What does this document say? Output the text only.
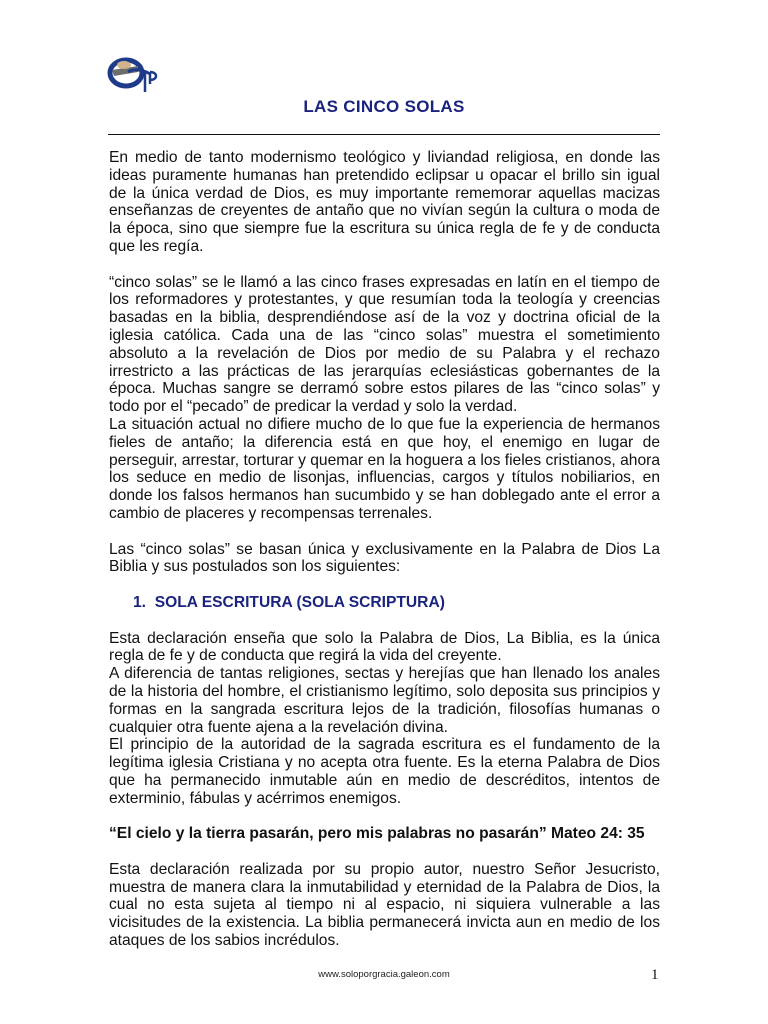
LAS CINCO SOLAS

En medio de tanto modernismo teológico y liviandad religiosa, en donde las ideas puramente humanas han pretendido eclipsar u opacar el brillo sin igual de la única verdad de Dios, es muy importante rememorar aquellas macizas enseñanzas de creyentes de antaño que no vivían según la cultura o moda de la época, sino que siempre fue la escritura su única regla de fe y de conducta que les regía.

“cinco solas” se le llamó a las cinco frases expresadas en latín en el tiempo de los reformadores y protestantes, y que resumían toda la teología y creencias basadas en la biblia, desprendiéndose así de la voz y doctrina oficial de la iglesia católica. Cada una de las “cinco solas” muestra el sometimiento absoluto a la revelación de Dios por medio de su Palabra y el rechazo irrestricto a las prácticas de las jerarquías eclesiásticas gobernantes de la época. Muchas sangre se derramó sobre estos pilares de las “cinco solas” y todo por el “pecado” de predicar la verdad y solo la verdad.

La situación actual no difiere mucho de lo que fue la experiencia de hermanos fieles de antaño; la diferencia está en que hoy, el enemigo en lugar de perseguir, arrestar, torturar y quemar en la hoguera a los fieles cristianos, ahora los seduce en medio de lisonjas, influencias, cargos y títulos nobiliarios, en donde los falsos hermanos han sucumbido y se han doblegado ante el error a cambio de placeres y recompensas terrenales.

Las “cinco solas” se basan única y exclusivamente en la Palabra de Dios La Biblia y sus postulados son los siguientes:

1. SOLA ESCRITURA (SOLA SCRIPTURA)

Esta declaración enseña que solo la Palabra de Dios, La Biblia, es la única regla de fe y de conducta que regirá la vida del creyente.

A diferencia de tantas religiones, sectas y herejías que han llenado los anales de la historia del hombre, el cristianismo legítimo, solo deposita sus principios y formas en la sangrada escritura lejos de la tradición, filosofías humanas o cualquier otra fuente ajena a la revelación divina.

El principio de la autoridad de la sagrada escritura es el fundamento de la legítima iglesia Cristiana y no acepta otra fuente. Es la eterna Palabra de Dios que ha permanecido inmutable aún en medio de descréditos, intentos de exterminio, fábulas y acérrimos enemigos.

“El cielo y la tierra pasarán, pero mis palabras no pasarán” Mateo 24: 35

Esta declaración realizada por su propio autor, nuestro Señor Jesucristo, muestra de manera clara la inmutabilidad y eternidad de la Palabra de Dios, la cual no esta sujeta al tiempo ni al espacio, ni siquiera vulnerable a las vicisitudes de la existencia. La biblia permanecerá invicta aun en medio de los ataques de los sabios incrédulos.

www.soloporgracia.galeon.com	1
